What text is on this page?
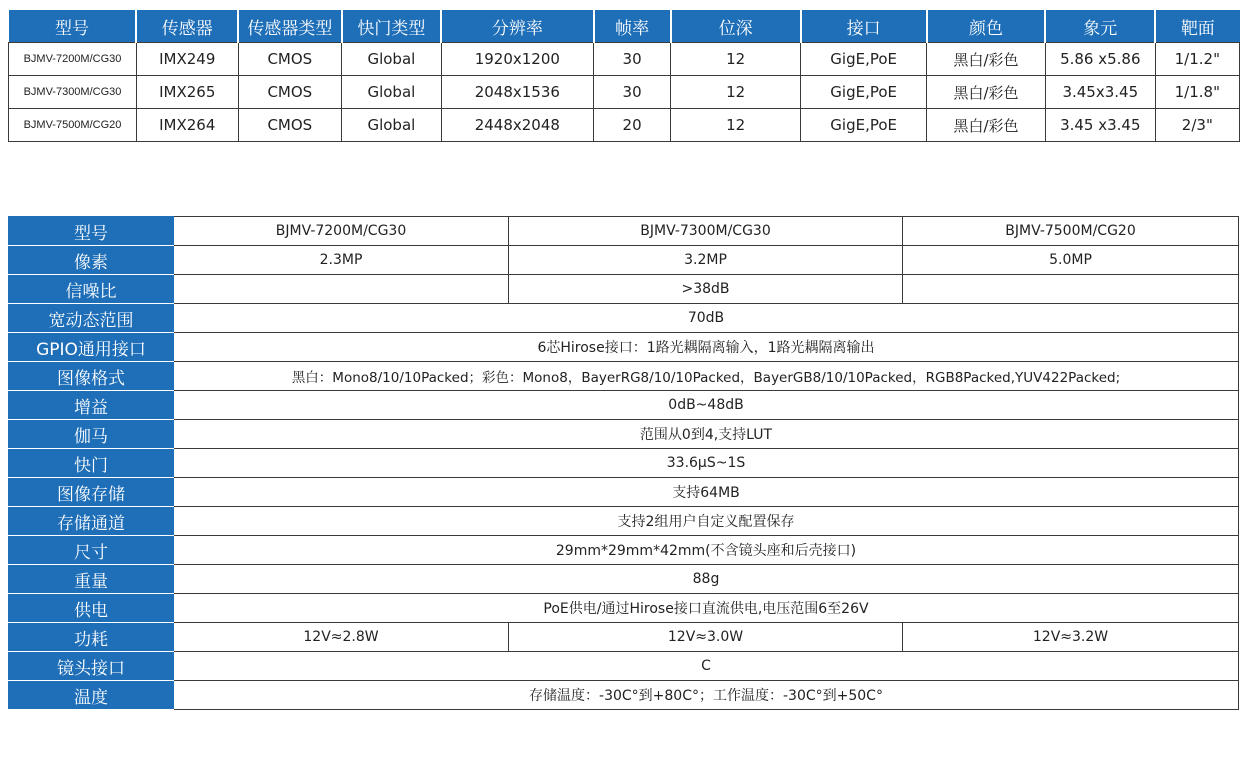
型号	传感器	传感器类型	快门类型	分辨率	帧率	位深	接口	颜色	象元	靶面
BJMV-7200M/CG30	IMX249	CMOS	Global	1920x1200	30	12	GigE,PoE	黑白/彩色	5.86 x5.86	1/1.2"
BJMV-7300M/CG30	IMX265	CMOS	Global	2048x1536	30	12	GigE,PoE	黑白/彩色	3.45x3.45	1/1.8"
BJMV-7500M/CG20	IMX264	CMOS	Global	2448x2048	20	12	GigE,PoE	黑白/彩色	3.45 x3.45	2/3"
型号	BJMV-7200M/CG30	BJMV-7300M/CG30	BJMV-7500M/CG20
像素	2.3MP	3.2MP	5.0MP
信噪比		>38dB	
宽动态范围	70dB		
GPIO通用接口	6芯Hirose接口：1路光耦隔离输入，1路光耦隔离输出		
图像格式	黑白：Mono8/10/10Packed；彩色：Mono8，BayerRG8/10/10Packed，BayerGB8/10/10Packed，RGB8Packed,YUV422Packed;		
增益	0dB~48dB		
伽马	范围从0到4,支持LUT		
快门	33.6μS~1S		
图像存储	支持64MB		
存储通道	支持2组用户自定义配置保存		
尺寸	29mm*29mm*42mm(不含镜头座和后壳接口)		
重量	88g		
供电	PoE供电/通过Hirose接口直流供电,电压范围6至26V		
功耗	12V≈2.8W	12V≈3.0W	12V≈3.2W
镜头接口	C		
温度	存储温度：-30C°到+80C°；工作温度：-30C°到+50C°		
